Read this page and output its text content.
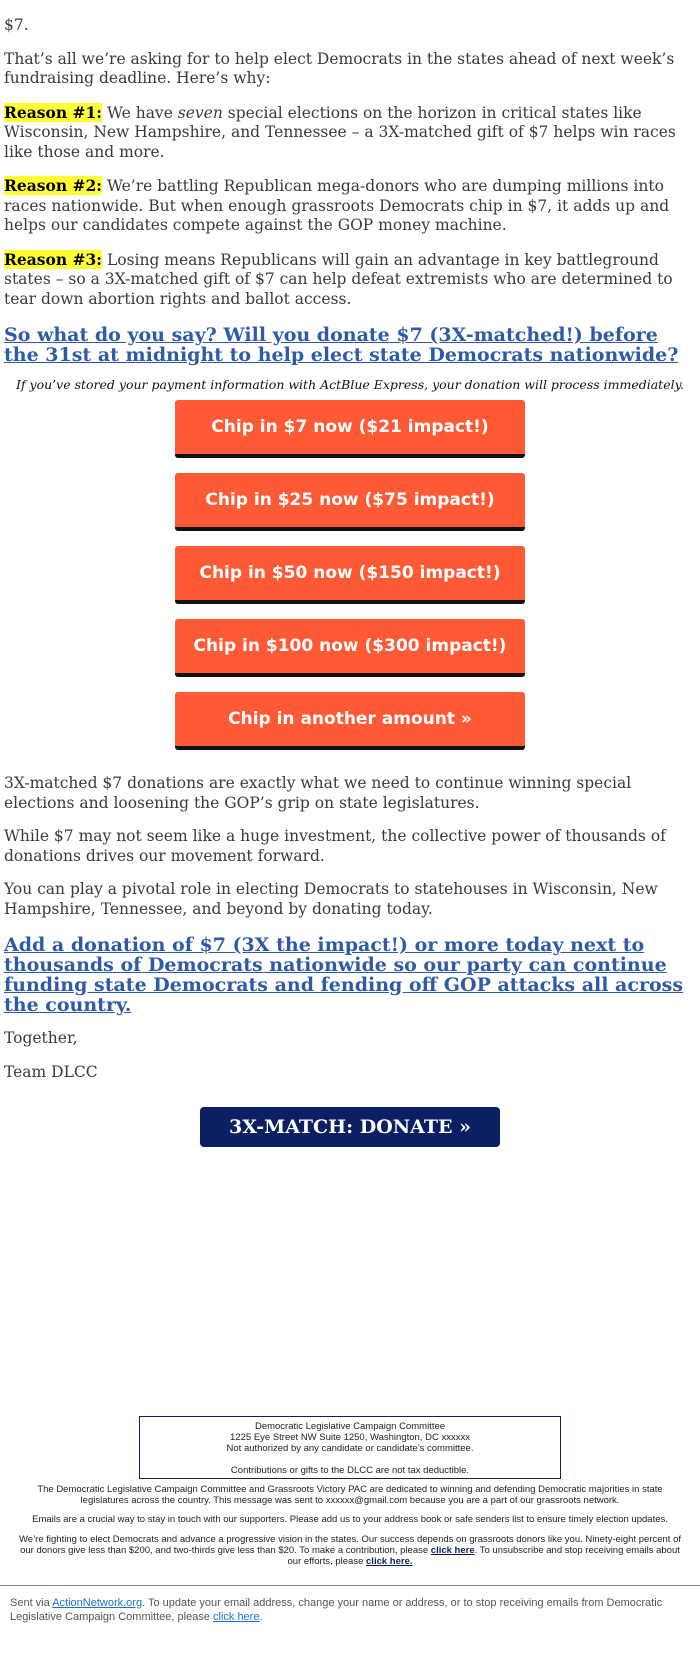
$7.

That’s all we’re asking for to help elect Democrats in the states ahead of next week’s fundraising deadline. Here’s why:

Reason #1: We have seven special elections on the horizon in critical states like Wisconsin, New Hampshire, and Tennessee – a 3X-matched gift of $7 helps win races like those and more.

Reason #2: We’re battling Republican mega-donors who are dumping millions into races nationwide. But when enough grassroots Democrats chip in $7, it adds up and helps our candidates compete against the GOP money machine.

Reason #3: Losing means Republicans will gain an advantage in key battleground states – so a 3X-matched gift of $7 can help defeat extremists who are determined to tear down abortion rights and ballot access.

So what do you say? Will you donate $7 (3X-matched!) before the 31st at midnight to help elect state Democrats nationwide?
If you’ve stored your payment information with ActBlue Express, your donation will process immediately.
Chip in $7 now ($21 impact!)
Chip in $25 now ($75 impact!)
Chip in $50 now ($150 impact!)
Chip in $100 now ($300 impact!)
Chip in another amount »

3X-matched $7 donations are exactly what we need to continue winning special elections and loosening the GOP’s grip on state legislatures.

While $7 may not seem like a huge investment, the collective power of thousands of donations drives our movement forward.

You can play a pivotal role in electing Democrats to statehouses in Wisconsin, New Hampshire, Tennessee, and beyond by donating today.

Add a donation of $7 (3X the impact!) or more today next to thousands of Democrats nationwide so our party can continue funding state Democrats and fending off GOP attacks all across the country.

Together,

Team DLCC

3X-MATCH: DONATE »
Democratic Legislative Campaign Committee
1225 Eye Street NW Suite 1250, Washington, DC xxxxxx
Not authorized by any candidate or candidate’s committee.
Contributions or gifts to the DLCC are not tax deductible.
The Democratic Legislative Campaign Committee and Grassroots Victory PAC are dedicated to winning and defending Democratic majorities in state legislatures across the country. This message was sent to xxxxxx@gmail.com because you are a part of our grassroots network.
Emails are a crucial way to stay in touch with our supporters. Please add us to your address book or safe senders list to ensure timely election updates.
We’re fighting to elect Democrats and advance a progressive vision in the states. Our success depends on grassroots donors like you. Ninety-eight percent of our donors give less than $200, and two-thirds give less than $20. To make a contribution, please click here. To unsubscribe and stop receiving emails about our efforts, please click here.
Sent via ActionNetwork.org. To update your email address, change your name or address, or to stop receiving emails from Democratic Legislative Campaign Committee, please click here.
